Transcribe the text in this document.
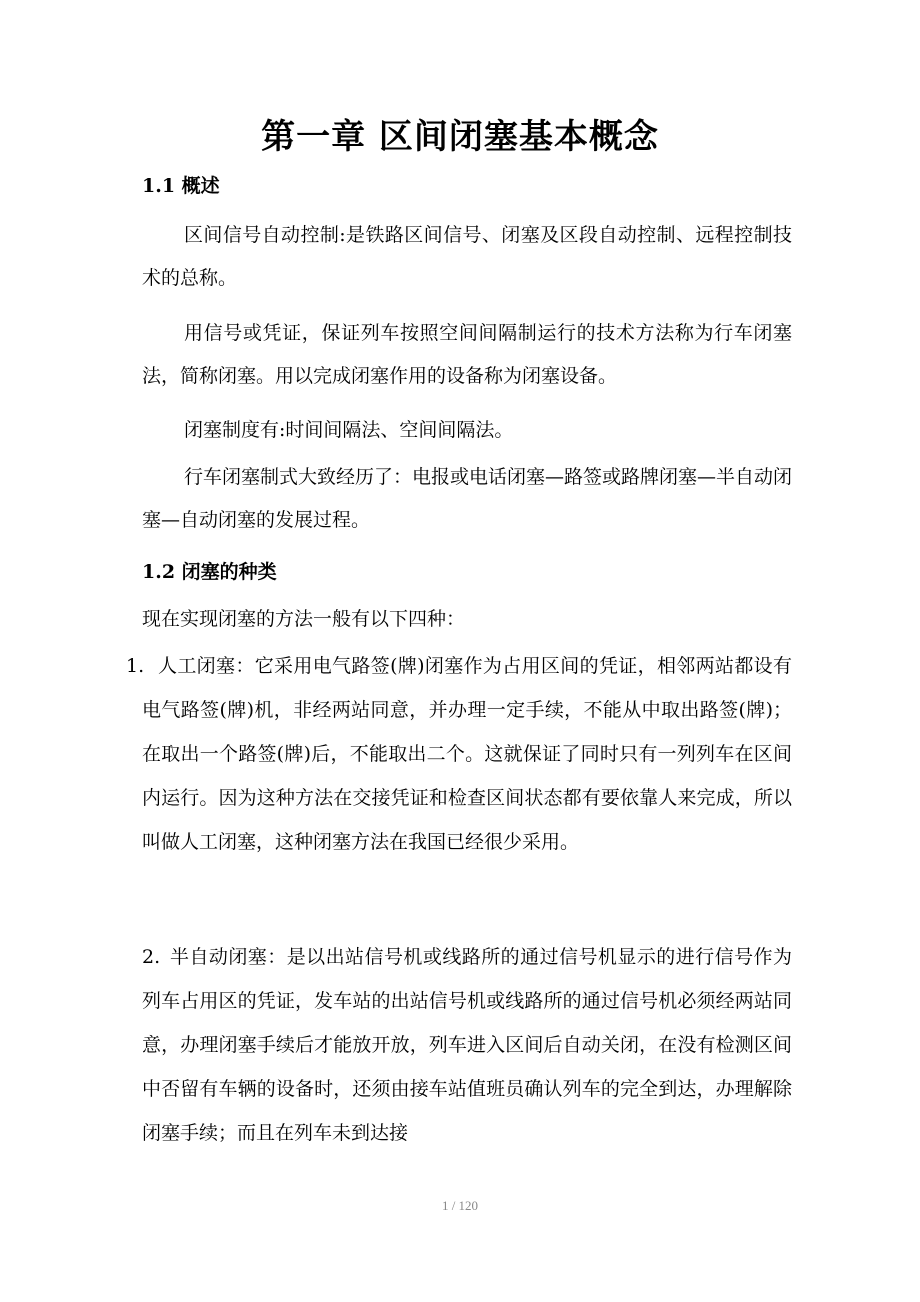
第一章 区间闭塞基本概念
1.1 概述
区间信号自动控制:是铁路区间信号、闭塞及区段自动控制、远程控制技术的总称。
用信号或凭证，保证列车按照空间间隔制运行的技术方法称为行车闭塞法，简称闭塞。用以完成闭塞作用的设备称为闭塞设备。
闭塞制度有:时间间隔法、空间间隔法。
行车闭塞制式大致经历了：电报或电话闭塞—路签或路牌闭塞—半自动闭塞—自动闭塞的发展过程。
1.2 闭塞的种类
现在实现闭塞的方法一般有以下四种：
1. 人工闭塞：它采用电气路签(牌)闭塞作为占用区间的凭证，相邻两站都设有电气路签(牌)机，非经两站同意，并办理一定手续，不能从中取出路签(牌)；在取出一个路签(牌)后，不能取出二个。这就保证了同时只有一列列车在区间内运行。因为这种方法在交接凭证和检查区间状态都有要依靠人来完成，所以叫做人工闭塞，这种闭塞方法在我国已经很少采用。
2. 半自动闭塞：是以出站信号机或线路所的通过信号机显示的进行信号作为列车占用区的凭证，发车站的出站信号机或线路所的通过信号机必须经两站同意，办理闭塞手续后才能放开放，列车进入区间后自动关闭，在没有检测区间中否留有车辆的设备时，还须由接车站值班员确认列车的完全到达，办理解除闭塞手续；而且在列车未到达接
1 / 120
